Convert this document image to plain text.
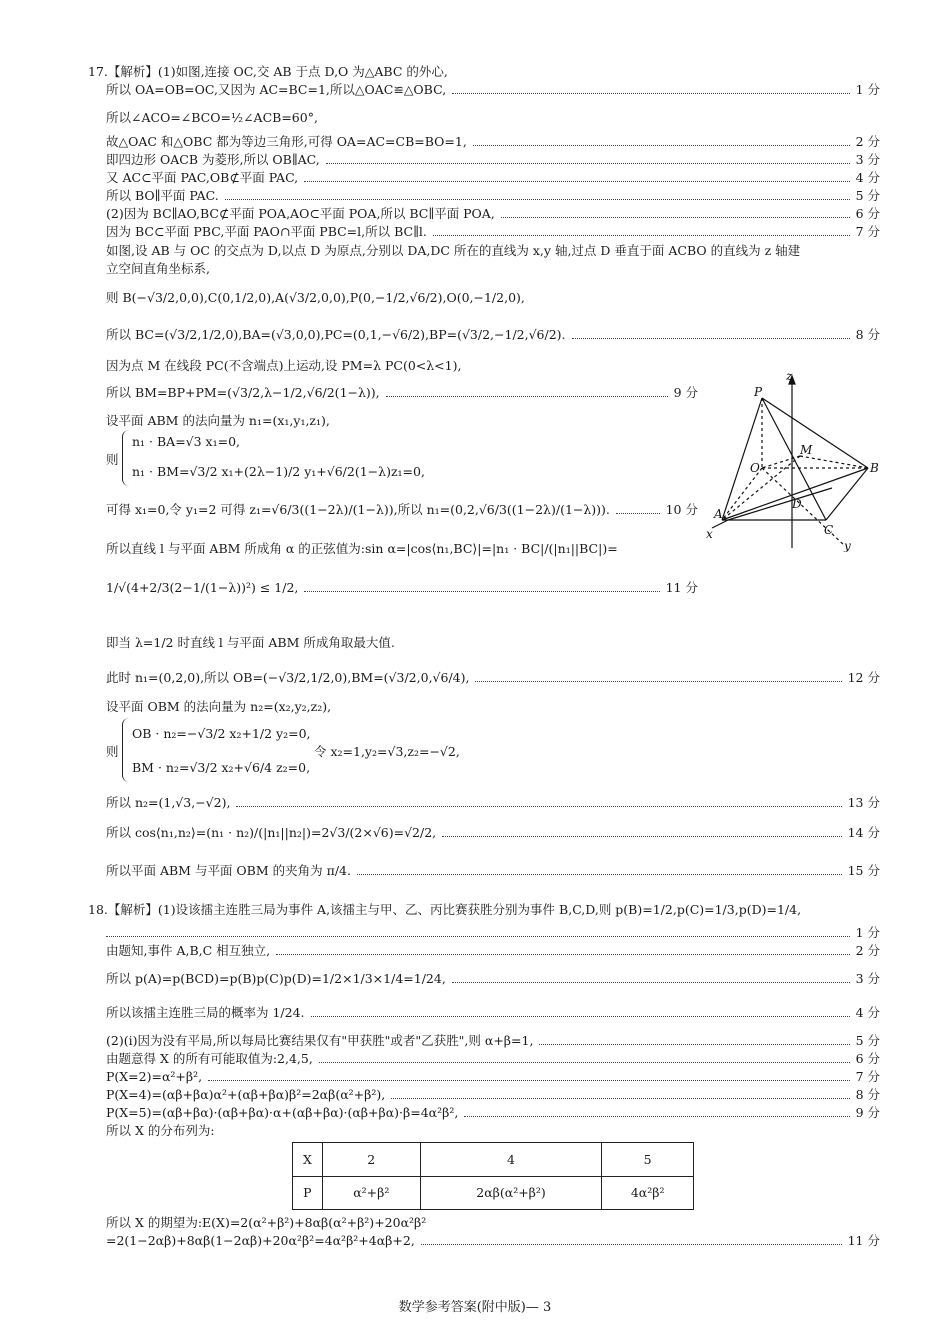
17.【解析】(1)如图,连接 OC,交 AB 于点 D,O 为△ABC 的外心,
所以 OA=OB=OC,又因为 AC=BC=1,所以△OAC≌△OBC,	1 分
所以∠ACO=∠BCO=½∠ACB=60°,
故△OAC 和△OBC 都为等边三角形,可得 OA=AC=CB=BO=1,	2 分
即四边形 OACB 为菱形,所以 OB∥AC,	3 分
又 AC⊂平面 PAC,OB⊄平面 PAC,	4 分
所以 BO∥平面 PAC.	5 分
(2)因为 BC∥AO,BC⊄平面 POA,AO⊂平面 POA,所以 BC∥平面 POA,	6 分
因为 BC⊂平面 PBC,平面 PAO∩平面 PBC=l,所以 BC∥l.	7 分
如图,设 AB 与 OC 的交点为 D,以点 D 为原点,分别以 DA,DC 所在的直线为 x,y 轴,过点 D 垂直于面 ACBO 的直线为 z 轴建
立空间直角坐标系,
则 B(−√3/2,0,0),C(0,1/2,0),A(√3/2,0,0),P(0,−1/2,√6/2),O(0,−1/2,0),
所以 BC=(√3/2,1/2,0),BA=(√3,0,0),PC=(0,1,−√6/2),BP=(√3/2,−1/2,√6/2).	8 分
因为点 M 在线段 PC(不含端点)上运动,设 PM=λ PC(0<λ<1),
所以 BM=BP+PM=(√3/2,λ−1/2,√6/2(1−λ)),	9 分
设平面 ABM 的法向量为 n₁=(x₁,y₁,z₁),
则
n₁ · BA=√3 x₁=0,
n₁ · BM=√3/2 x₁+(2λ−1)/2 y₁+√6/2(1−λ)z₁=0,
可得 x₁=0,令 y₁=2 可得 z₁=√6/3((1−2λ)/(1−λ)),所以 n₁=(0,2,√6/3((1−2λ)/(1−λ))).	10 分
所以直线 l 与平面 ABM 所成角 α 的正弦值为:sin α=|cos⟨n₁,BC⟩|=|n₁ · BC|/(|n₁||BC|)=
1/√(4+2/3(2−1/(1−λ))²) ≤ 1/2,	11 分
即当 λ=1/2 时直线 l 与平面 ABM 所成角取最大值.
此时 n₁=(0,2,0),所以 OB=(−√3/2,1/2,0),BM=(√3/2,0,√6/4),	12 分
设平面 OBM 的法向量为 n₂=(x₂,y₂,z₂),
则
OB · n₂=−√3/2 x₂+1/2 y₂=0,
BM · n₂=√3/2 x₂+√6/4 z₂=0,
令 x₂=1,y₂=√3,z₂=−√2,
所以 n₂=(1,√3,−√2),	13 分
所以 cos⟨n₁,n₂⟩=(n₁ · n₂)/(|n₁||n₂|)=2√3/(2×√6)=√2/2,	14 分
所以平面 ABM 与平面 OBM 的夹角为 π/4.	15 分
z
P
M
O	B
D
A
C
x
y
18.【解析】(1)设该擂主连胜三局为事件 A,该擂主与甲、乙、丙比赛获胜分别为事件 B,C,D,则 p(B)=1/2,p(C)=1/3,p(D)=1/4,
1 分
由题知,事件 A,B,C 相互独立,	2 分
所以 p(A)=p(BCD)=p(B)p(C)p(D)=1/2×1/3×1/4=1/24,	3 分
所以该擂主连胜三局的概率为 1/24.	4 分
(2)(ⅰ)因为没有平局,所以每局比赛结果仅有"甲获胜"或者"乙获胜",则 α+β=1,	5 分
由题意得 X 的所有可能取值为:2,4,5,	6 分
P(X=2)=α²+β²,	7 分
P(X=4)=(αβ+βα)α²+(αβ+βα)β²=2αβ(α²+β²),	8 分
P(X=5)=(αβ+βα)·(αβ+βα)·α+(αβ+βα)·(αβ+βα)·β=4α²β²,	9 分
所以 X 的分布列为:
X	2	4	5
P	α²+β²	2αβ(α²+β²)	4α²β²
所以 X 的期望为:E(X)=2(α²+β²)+8αβ(α²+β²)+20α²β²
=2(1−2αβ)+8αβ(1−2αβ)+20α²β²=4α²β²+4αβ+2,	11 分
数学参考答案(附中版)— 3
